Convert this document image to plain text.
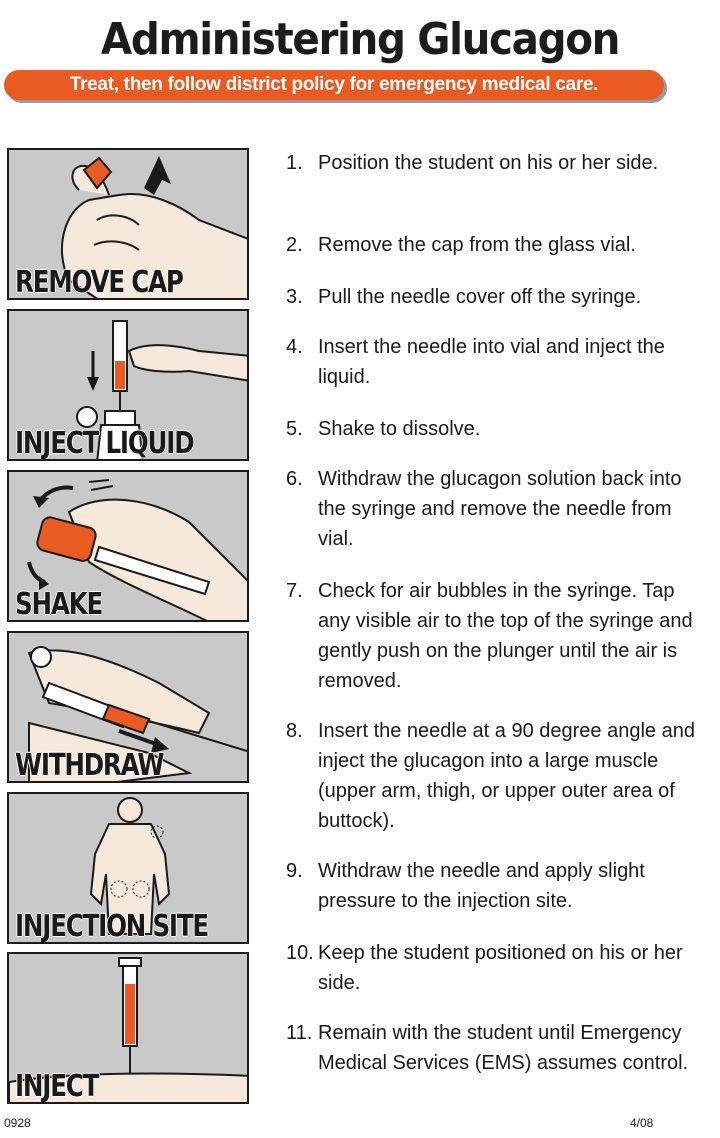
Administering Glucagon
Treat, then follow district policy for emergency medical care.
REMOVE CAP
INJECT LIQUID
SHAKE
WITHDRAW
INJECTION SITE
INJECT
1. Position the student on his or her side.
2. Remove the cap from the glass vial.
3. Pull the needle cover off the syringe.
4. Insert the needle into vial and inject the liquid.
5. Shake to dissolve.
6. Withdraw the glucagon solution back into the syringe and remove the needle from vial.
7. Check for air bubbles in the syringe. Tap any visible air to the top of the syringe and gently push on the plunger until the air is removed.
8. Insert the needle at a 90 degree angle and inject the glucagon into a large muscle (upper arm, thigh, or upper outer area of buttock).
9. Withdraw the needle and apply slight pressure to the injection site.
10. Keep the student positioned on his or her side.
11. Remain with the student until Emergency Medical Services (EMS) assumes control.
0928	4/08
